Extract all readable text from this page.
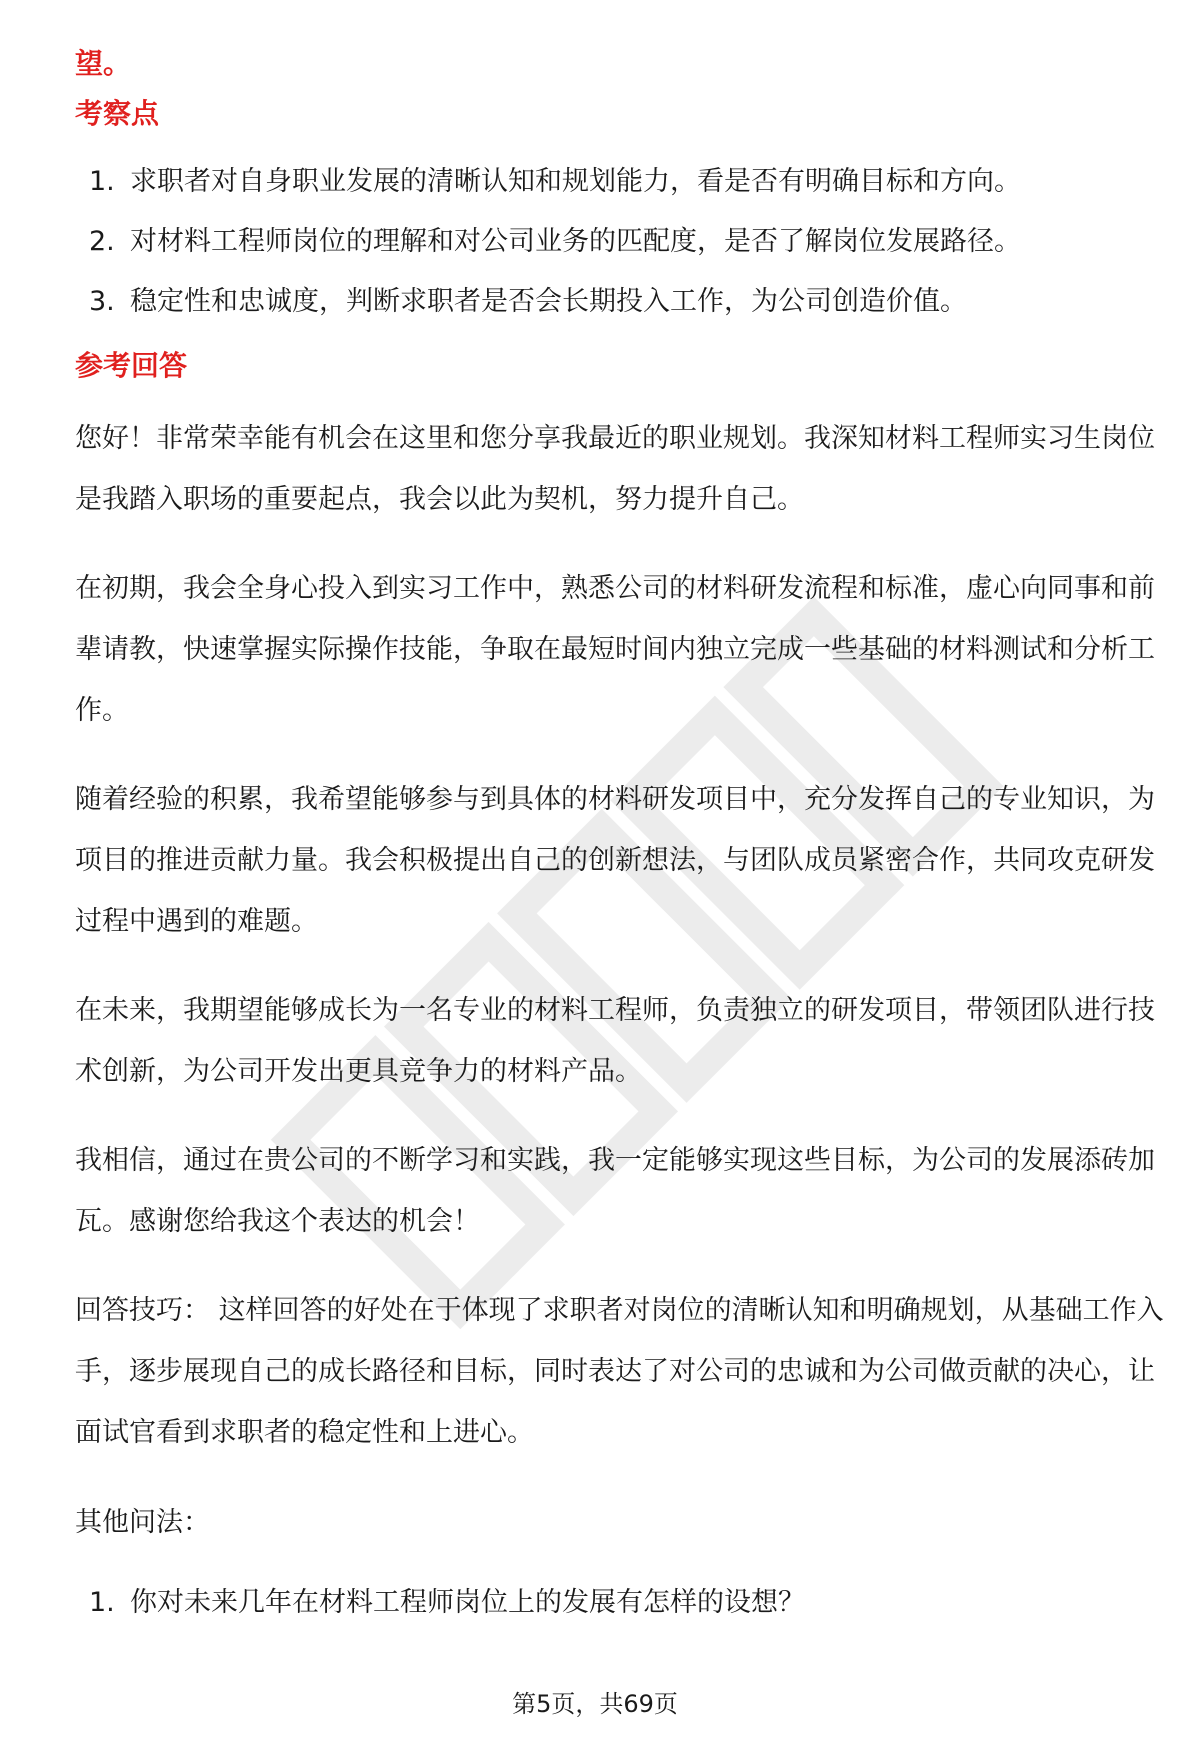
望。

考察点
1. 求职者对自身职业发展的清晰认知和规划能力，看是否有明确目标和方向。
2. 对材料工程师岗位的理解和对公司业务的匹配度，是否了解岗位发展路径。
3. 稳定性和忠诚度，判断求职者是否会长期投入工作，为公司创造价值。
参考回答

您好！非常荣幸能有机会在这里和您分享我最近的职业规划。我深知材料工程师实习生岗位是我踏入职场的重要起点，我会以此为契机，努力提升自己。

在初期，我会全身心投入到实习工作中，熟悉公司的材料研发流程和标准，虚心向同事和前辈请教，快速掌握实际操作技能，争取在最短时间内独立完成一些基础的材料测试和分析工作。

随着经验的积累，我希望能够参与到具体的材料研发项目中，充分发挥自己的专业知识，为项目的推进贡献力量。我会积极提出自己的创新想法，与团队成员紧密合作，共同攻克研发过程中遇到的难题。

在未来，我期望能够成长为一名专业的材料工程师，负责独立的研发项目，带领团队进行技术创新，为公司开发出更具竞争力的材料产品。

我相信，通过在贵公司的不断学习和实践，我一定能够实现这些目标，为公司的发展添砖加瓦。感谢您给我这个表达的机会！

回答技巧： 这样回答的好处在于体现了求职者对岗位的清晰认知和明确规划，从基础工作入手，逐步展现自己的成长路径和目标，同时表达了对公司的忠诚和为公司做贡献的决心，让面试官看到求职者的稳定性和上进心。

其他问法：

1. 你对未来几年在材料工程师岗位上的发展有怎样的设想？
第5页，共69页
